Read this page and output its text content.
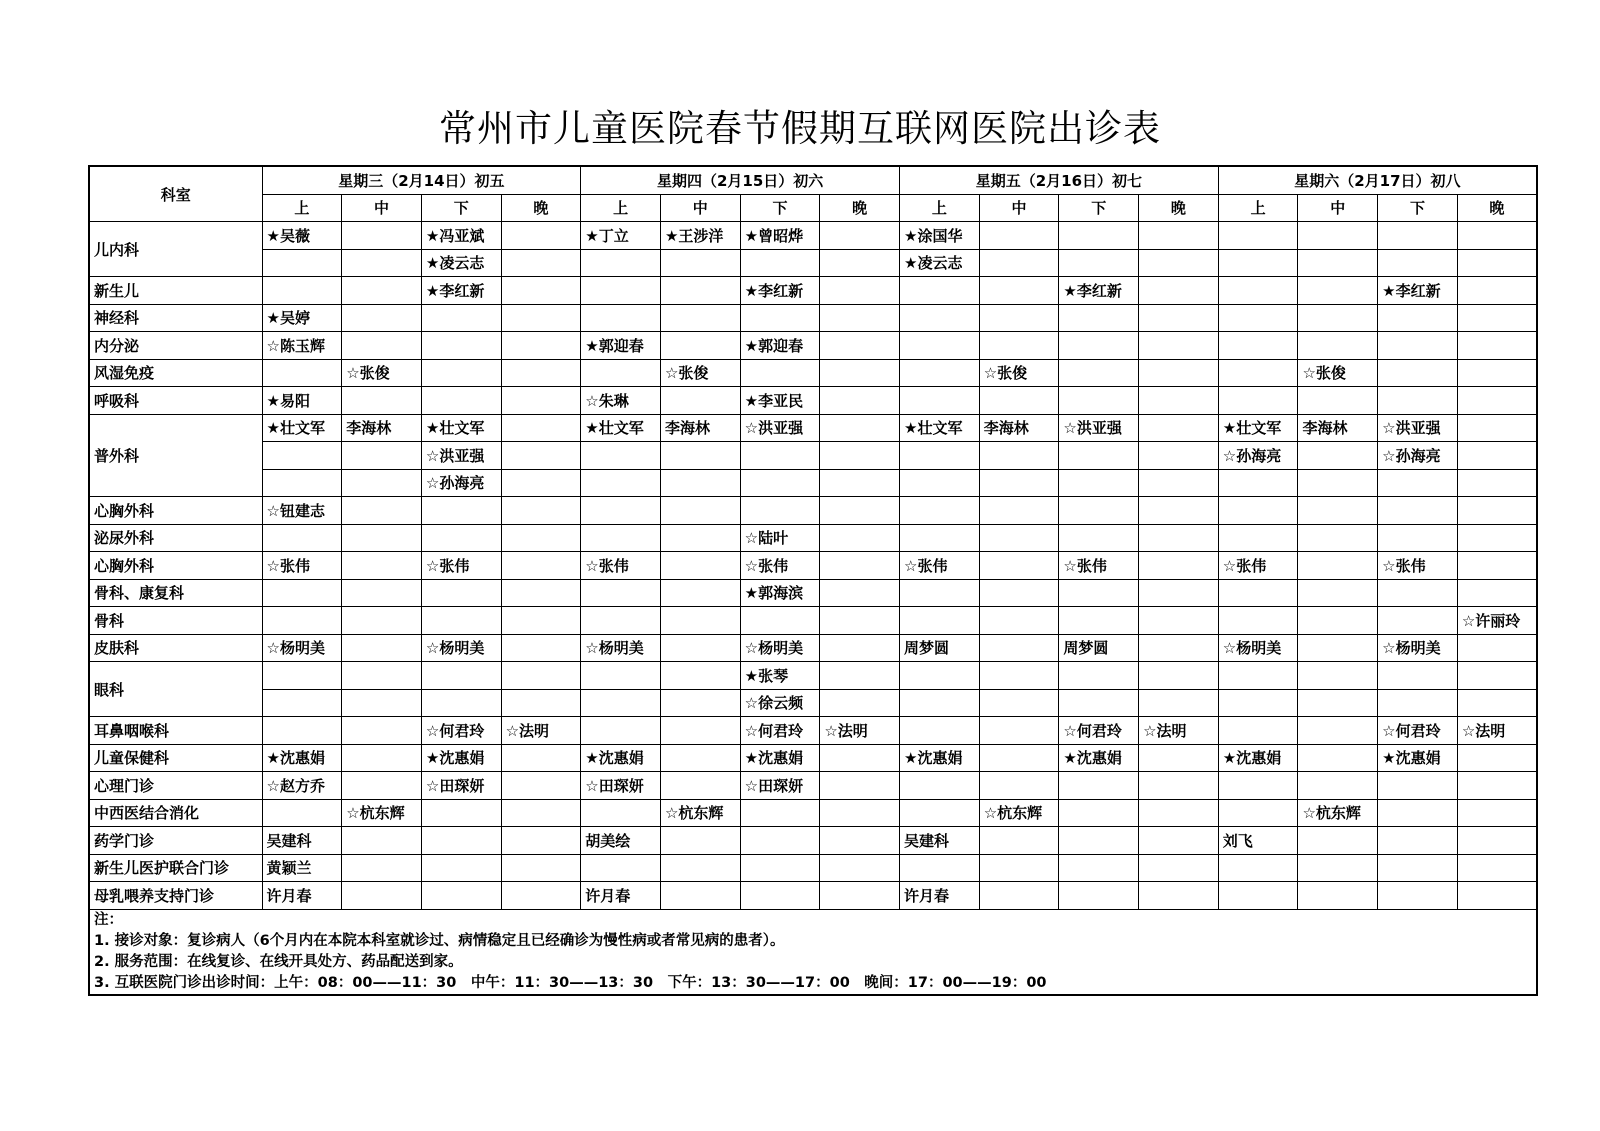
常州市儿童医院春节假期互联网医院出诊表
科室	星期三（2月14日）初五				星期四（2月15日）初六				星期五（2月16日）初七				星期六（2月17日）初八			
	上	中	下	晚	上	中	下	晚	上	中	下	晚	上	中	下	晚
儿内科	★吴薇		★冯亚斌		★丁立	★王涉洋	★曾昭烨		★涂国华							
			★凌云志						★凌云志							
新生儿			★李红新				★李红新				★李红新				★李红新	
神经科	★吴婷															
内分泌	☆陈玉辉				★郭迎春		★郭迎春									
风湿免疫		☆张俊				☆张俊				☆张俊				☆张俊		
呼吸科	★易阳				☆朱琳		★李亚民									
普外科	★壮文军	李海林	★壮文军		★壮文军	李海林	☆洪亚强		★壮文军	李海林	☆洪亚强		★壮文军	李海林	☆洪亚强	
			☆洪亚强										☆孙海亮		☆孙海亮	
			☆孙海亮													
心胸外科	☆钮建志															
泌尿外科							☆陆叶									
心胸外科	☆张伟		☆张伟		☆张伟		☆张伟		☆张伟		☆张伟		☆张伟		☆张伟	
骨科、康复科							★郭海滨									
骨科																☆许丽玲
皮肤科	☆杨明美		☆杨明美		☆杨明美		☆杨明美		周梦圆		周梦圆		☆杨明美		☆杨明美	
眼科							★张琴									
							☆徐云频									
耳鼻咽喉科			☆何君玲	☆法明			☆何君玲	☆法明			☆何君玲	☆法明			☆何君玲	☆法明
儿童保健科	★沈惠娟		★沈惠娟		★沈惠娟		★沈惠娟		★沈惠娟		★沈惠娟		★沈惠娟		★沈惠娟	
心理门诊	☆赵方乔		☆田琛妍		☆田琛妍		☆田琛妍									
中西医结合消化		☆杭东辉				☆杭东辉				☆杭东辉				☆杭东辉		
药学门诊	吴建科				胡美绘				吴建科				刘飞			
新生儿医护联合门诊	黄颖兰															
母乳喂养支持门诊	许月春				许月春				许月春							

注：
1. 接诊对象：复诊病人（6个月内在本院本科室就诊过、病情稳定且已经确诊为慢性病或者常见病的患者）。
2. 服务范围：在线复诊、在线开具处方、药品配送到家。
3. 互联医院门诊出诊时间：上午：08：00——11：30　中午：11：30——13：30　下午：13：30——17：00　晚间：17：00——19：00																
